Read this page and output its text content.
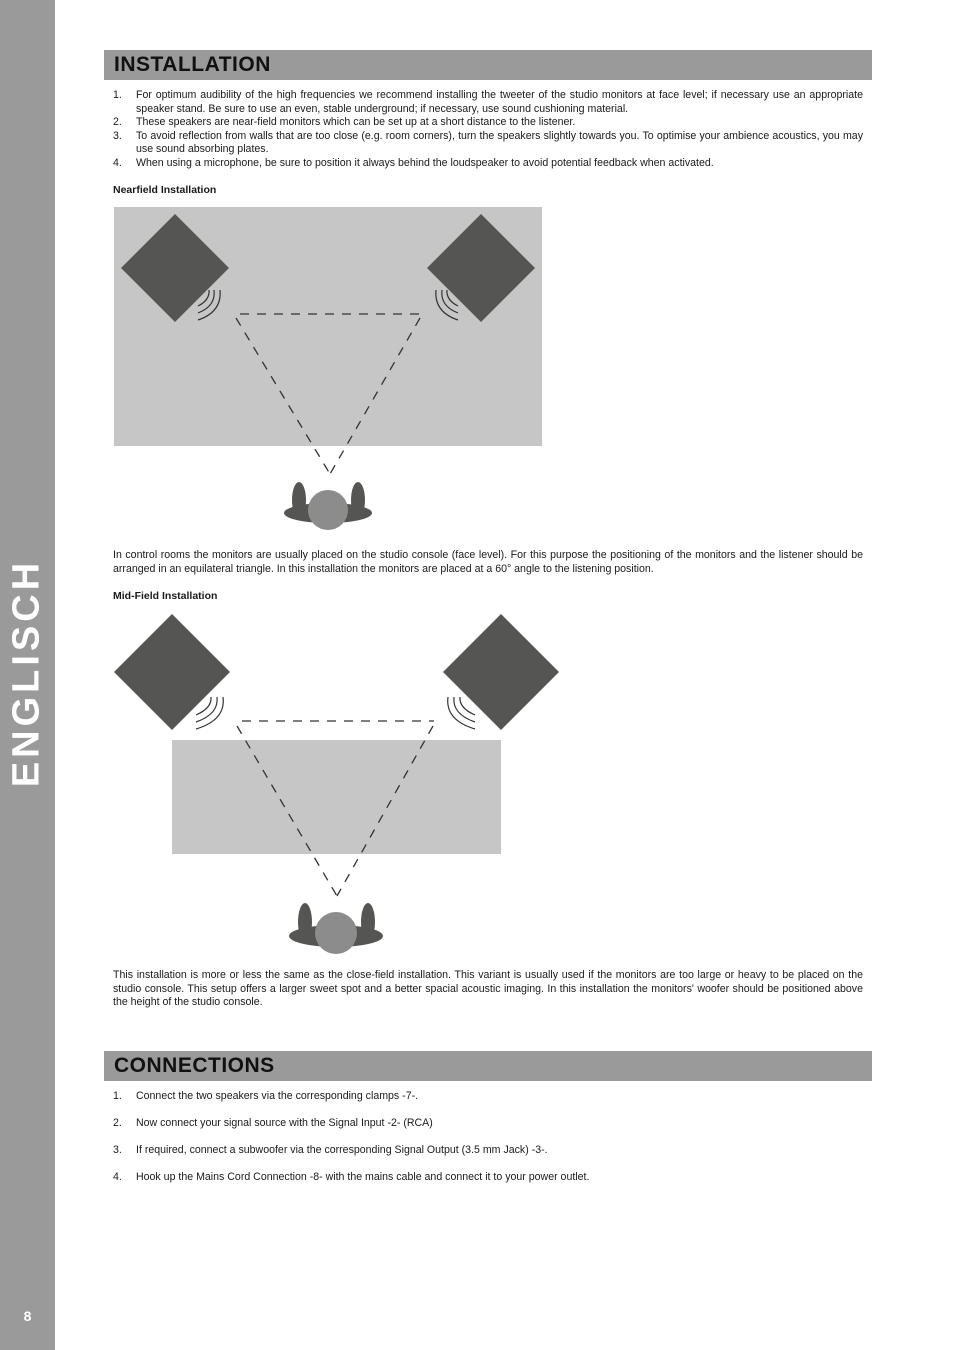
ENGLISCH
8
INSTALLATION
1. For optimum audibility of the high frequencies we recommend installing the tweeter of the studio monitors at face level; if necessary use an appropriate speaker stand. Be sure to use an even, stable underground; if necessary, use sound cushioning material.
2. These speakers are near-field monitors which can be set up at a short distance to the listener.
3. To avoid reflection from walls that are too close (e.g. room corners), turn the speakers slightly towards you. To optimise your ambience acoustics, you may use sound absorbing plates.
4. When using a microphone, be sure to position it always behind the loudspeaker to avoid potential feedback when activated.

Nearfield Installation

In control rooms the monitors are usually placed on the studio console (face level). For this purpose the positioning of the monitors and the listener should be arranged in an equilateral triangle. In this installation the monitors are placed at a 60° angle to the listening position.

Mid-Field Installation

This installation is more or less the same as the close-field installation. This variant is usually used if the monitors are too large or heavy to be placed on the studio console. This setup offers a larger sweet spot and a better spacial acoustic imaging. In this installation the monitors' woofer should be positioned above the height of the studio console.

CONNECTIONS
1. Connect the two speakers via the corresponding clamps -7-.
2. Now connect your signal source with the Signal Input -2- (RCA)
3. If required, connect a subwoofer via the corresponding Signal Output (3.5 mm Jack) -3-.
4. Hook up the Mains Cord Connection -8- with the mains cable and connect it to your power outlet.
